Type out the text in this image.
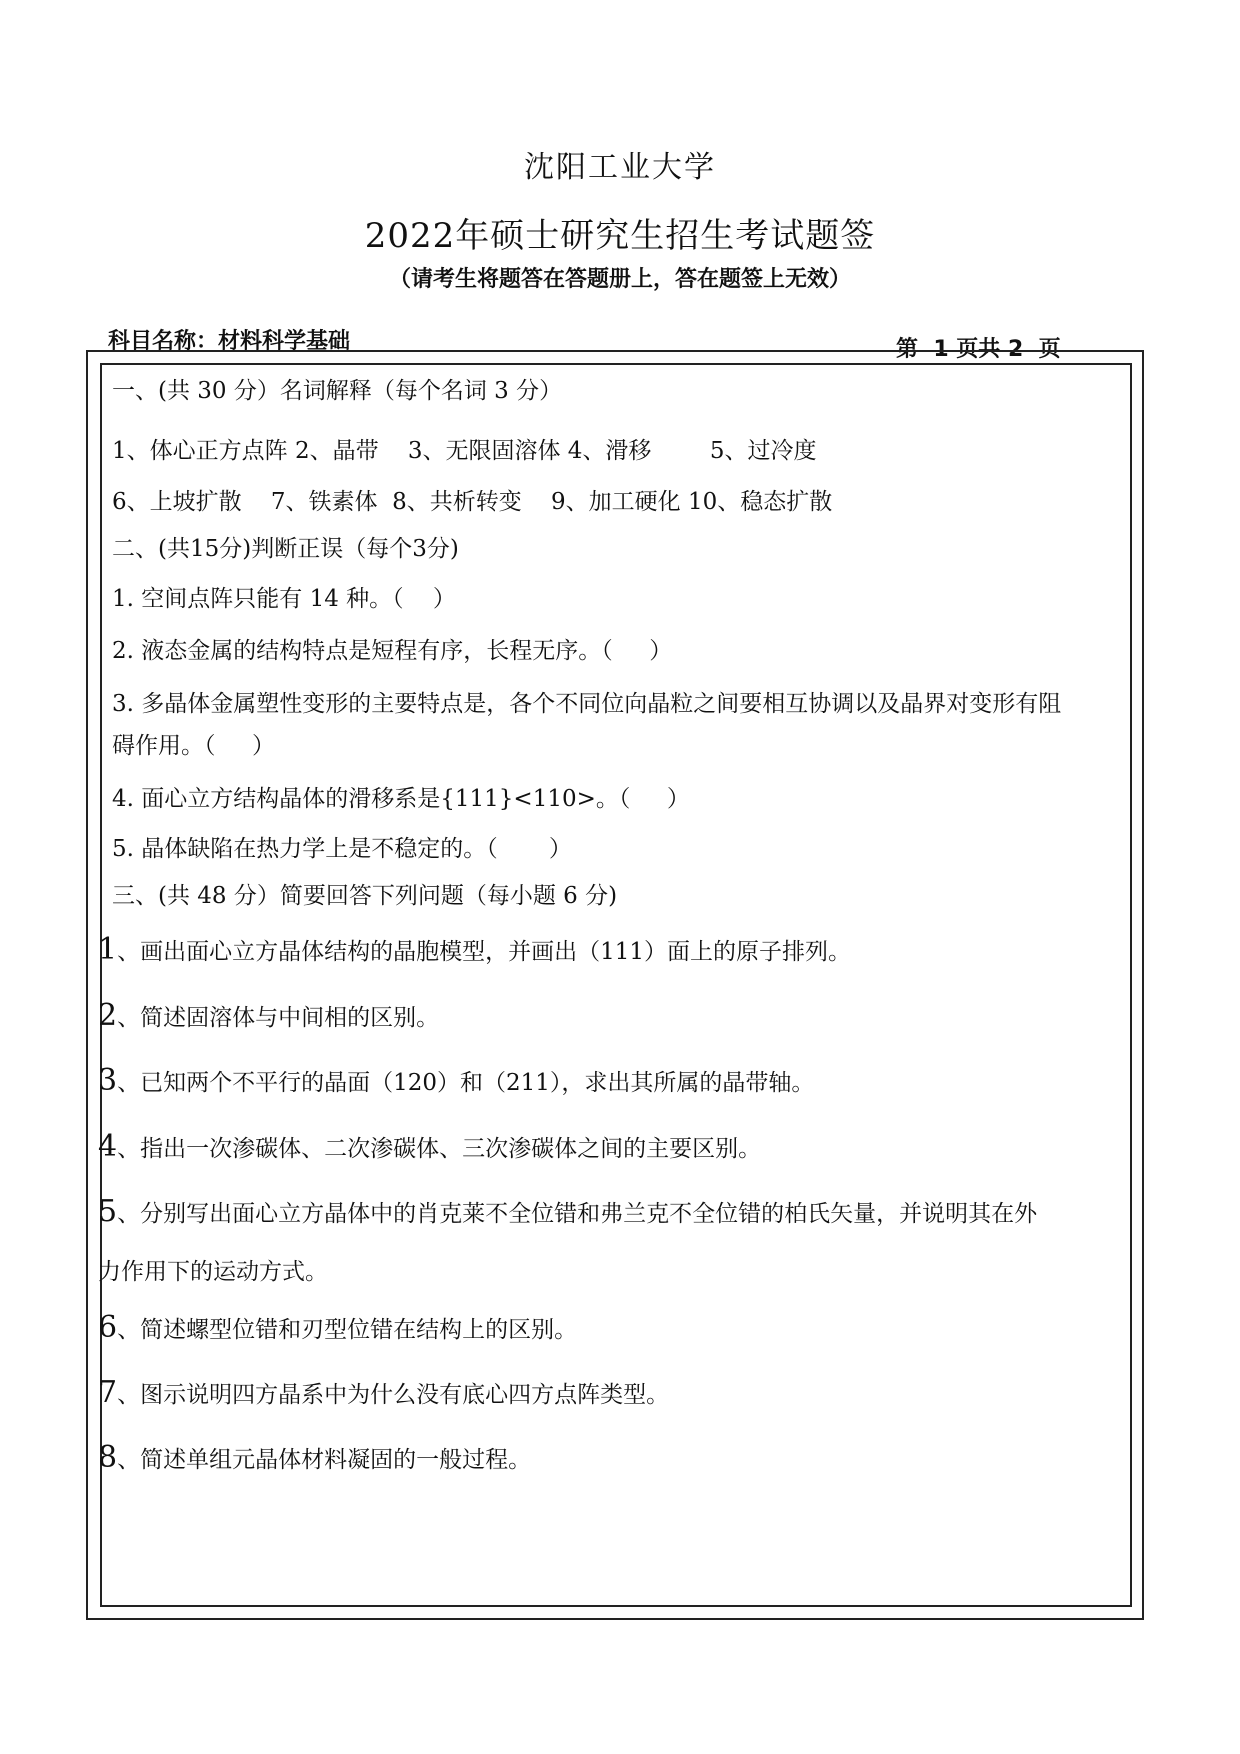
沈阳工业大学
2022年硕士研究生招生考试题签
（请考生将题答在答题册上，答在题签上无效）
科目名称：材料科学基础	第  1 页共 2  页
一、(共 30 分）名词解释（每个名词 3 分）
1、体心正方点阵 2、晶带    3、无限固溶体 4、滑移        5、过冷度
6、上坡扩散    7、铁素体  8、共析转变    9、加工硬化 10、稳态扩散
二、(共15分)判断正误（每个3分)
1. 空间点阵只能有 14 种。（    ）
2. 液态金属的结构特点是短程有序，长程无序。（     ）
3. 多晶体金属塑性变形的主要特点是，各个不同位向晶粒之间要相互协调以及晶界对变形有阻
碍作用。（     ）
4. 面心立方结构晶体的滑移系是{111}<110>。（     ）
5. 晶体缺陷在热力学上是不稳定的。（       ）
三、(共 48 分）简要回答下列问题（每小题 6 分)
1、画出面心立方晶体结构的晶胞模型，并画出（111）面上的原子排列。
2、简述固溶体与中间相的区别。
3、已知两个不平行的晶面（120）和（211），求出其所属的晶带轴。
4、指出一次渗碳体、二次渗碳体、三次渗碳体之间的主要区别。
5、分别写出面心立方晶体中的肖克莱不全位错和弗兰克不全位错的柏氏矢量，并说明其在外
力作用下的运动方式。
6、简述螺型位错和刃型位错在结构上的区别。
7、图示说明四方晶系中为什么没有底心四方点阵类型。
8、简述单组元晶体材料凝固的一般过程。
